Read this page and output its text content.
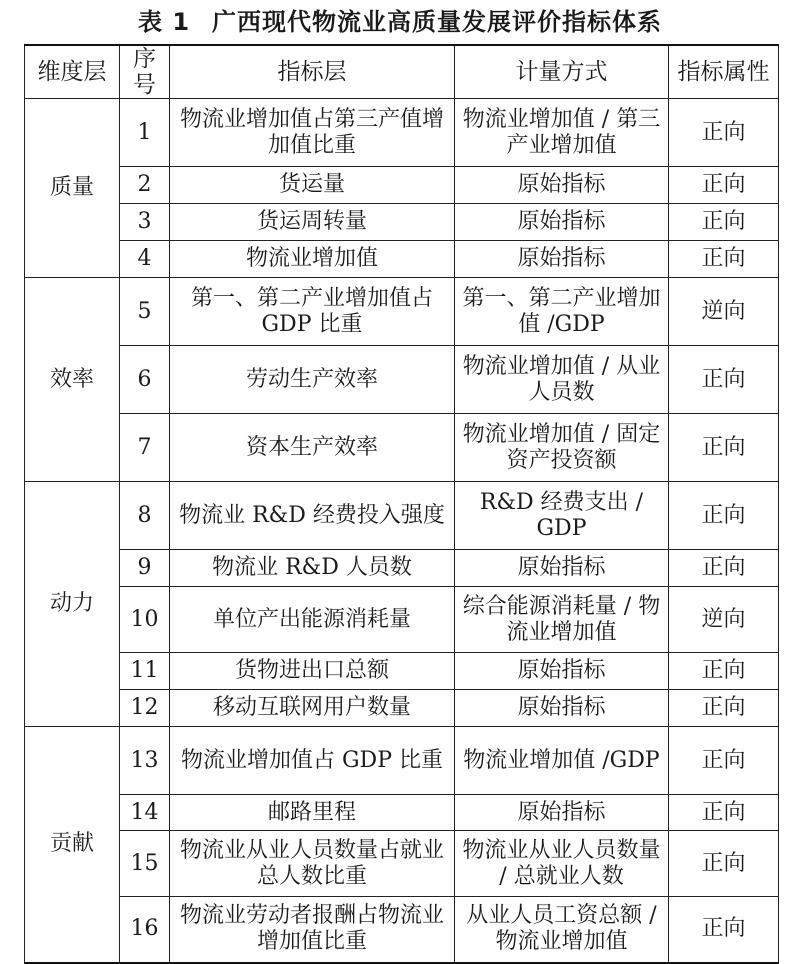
表 1 广西现代物流业高质量发展评价指标体系
维度层	序号	指标层	计量方式	指标属性
质量	1	物流业增加值占第三产值增加值比重	物流业增加值 / 第三产业增加值	正向
	2	货运量	原始指标	正向
	3	货运周转量	原始指标	正向
	4	物流业增加值	原始指标	正向
效率	5	第一、第二产业增加值占 GDP 比重	第一、第二产业增加值 /GDP	逆向
	6	劳动生产效率	物流业增加值 / 从业人员数	正向
	7	资本生产效率	物流业增加值 / 固定资产投资额	正向
动力	8	物流业 R&D 经费投入强度	R&D 经费支出 / GDP	正向
	9	物流业 R&D 人员数	原始指标	正向
	10	单位产出能源消耗量	综合能源消耗量 / 物流业增加值	逆向
	11	货物进出口总额	原始指标	正向
	12	移动互联网用户数量	原始指标	正向
贡献	13	物流业增加值占 GDP 比重	物流业增加值 /GDP	正向
	14	邮路里程	原始指标	正向
	15	物流业从业人员数量占就业总人数比重	物流业从业人员数量 / 总就业人数	正向
	16	物流业劳动者报酬占物流业增加值比重	从业人员工资总额 / 物流业增加值	正向
